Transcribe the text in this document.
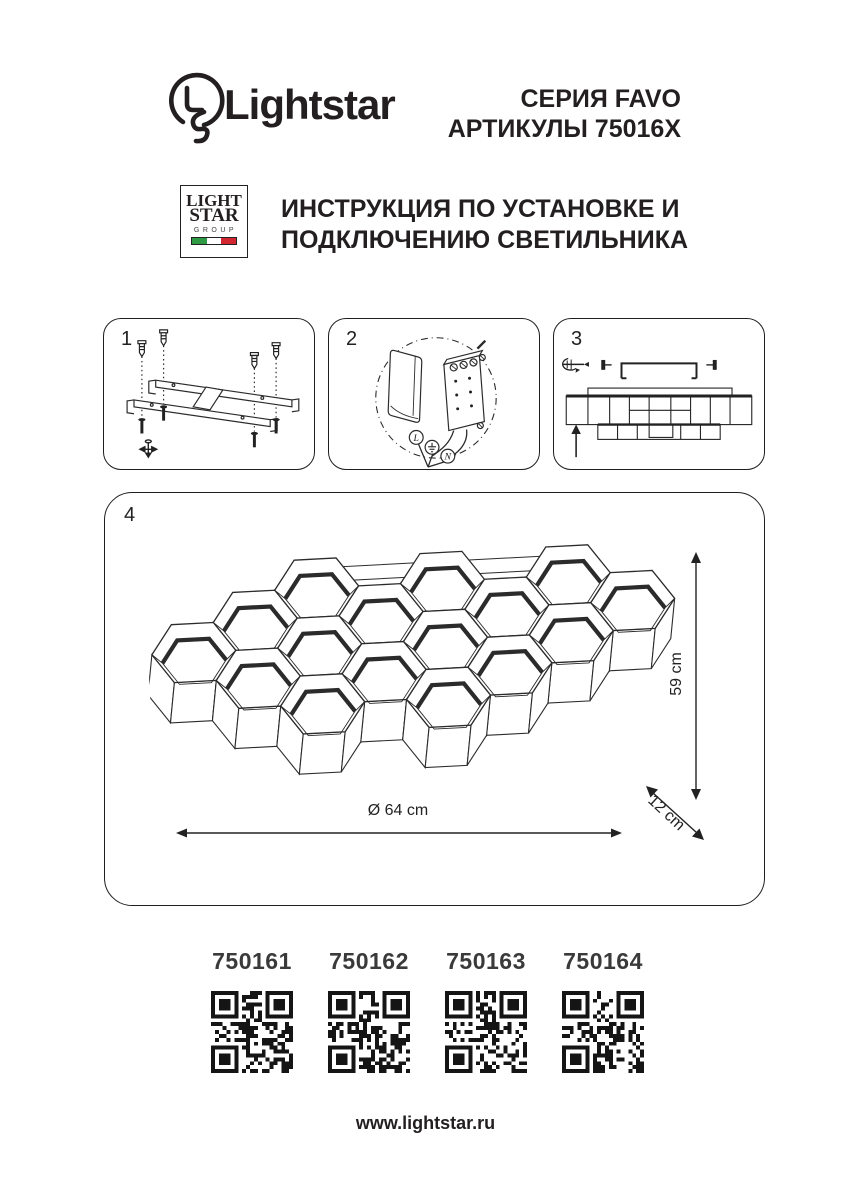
Lightstar	СЕРИЯ FAVO
АРТИКУЛЫ 75016X
LIGHT
STAR
GROUP
ИНСТРУКЦИЯ ПО УСТАНОВКЕ И
ПОДКЛЮЧЕНИЮ СВЕТИЛЬНИКА
1
L
N
2	3
59 cm
Ø 64 cm	12 cm
4
750161 750162 750163 750164
www.lightstar.ru
